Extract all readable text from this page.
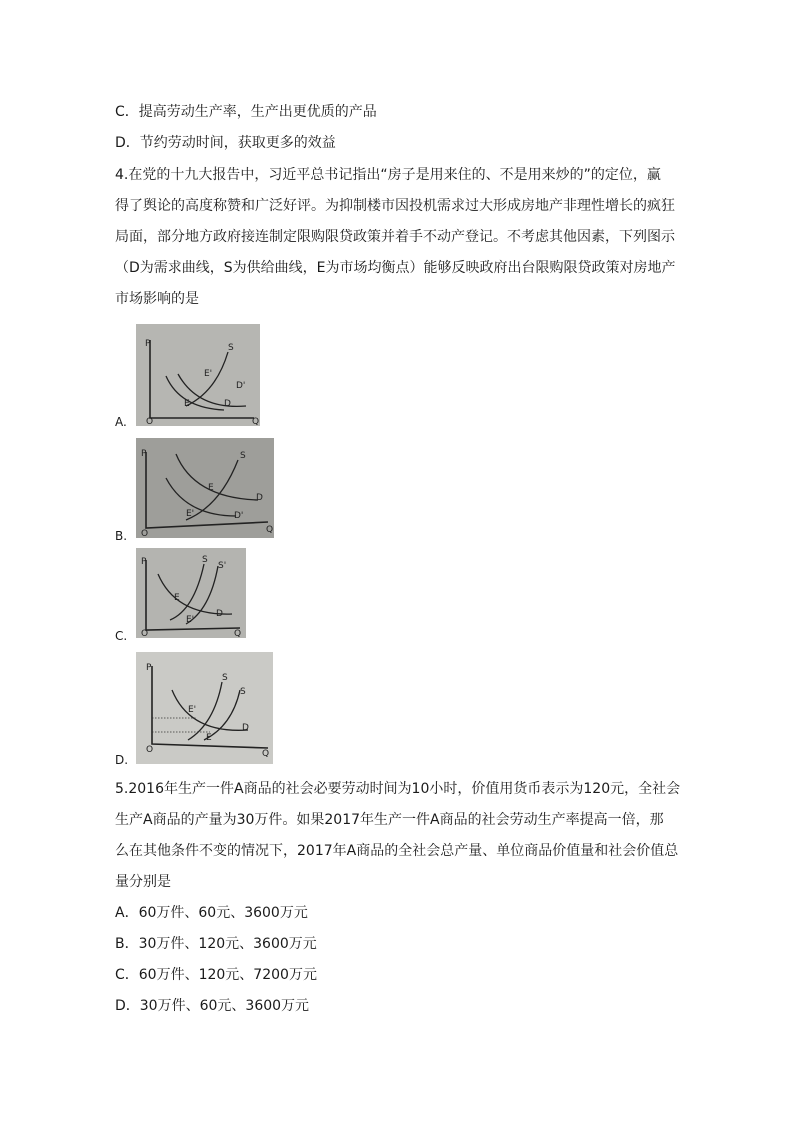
C．提高劳动生产率，生产出更优质的产品
D．节约劳动时间，获取更多的效益
4.在党的十九大报告中，习近平总书记指出“房子是用来住的、不是用来炒的”的定位，赢
得了舆论的高度称赞和广泛好评。为抑制楼市因投机需求过大形成房地产非理性增长的疯狂
局面，部分地方政府接连制定限购限贷政策并着手不动产登记。不考虑其他因素，下列图示
（D为需求曲线，S为供给曲线，E为市场均衡点）能够反映政府出台限购限贷政策对房地产
市场影响的是
A.
P	S
E'
E
D'
D
O	Q
B.
P	S
E
E'
D
D'
O	Q
C.
P	S
S'
E
E'
D
O	Q
D.
P
S
S
E'
E
D
O	Q
5.2016年生产一件A商品的社会必要劳动时间为10小时，价值用货币表示为120元，全社会
生产A商品的产量为30万件。如果2017年生产一件A商品的社会劳动生产率提高一倍，那
么在其他条件不变的情况下，2017年A商品的全社会总产量、单位商品价值量和社会价值总
量分别是
A．60万件、60元、3600万元
B．30万件、120元、3600万元
C．60万件、120元、7200万元
D．30万件、60元、3600万元
